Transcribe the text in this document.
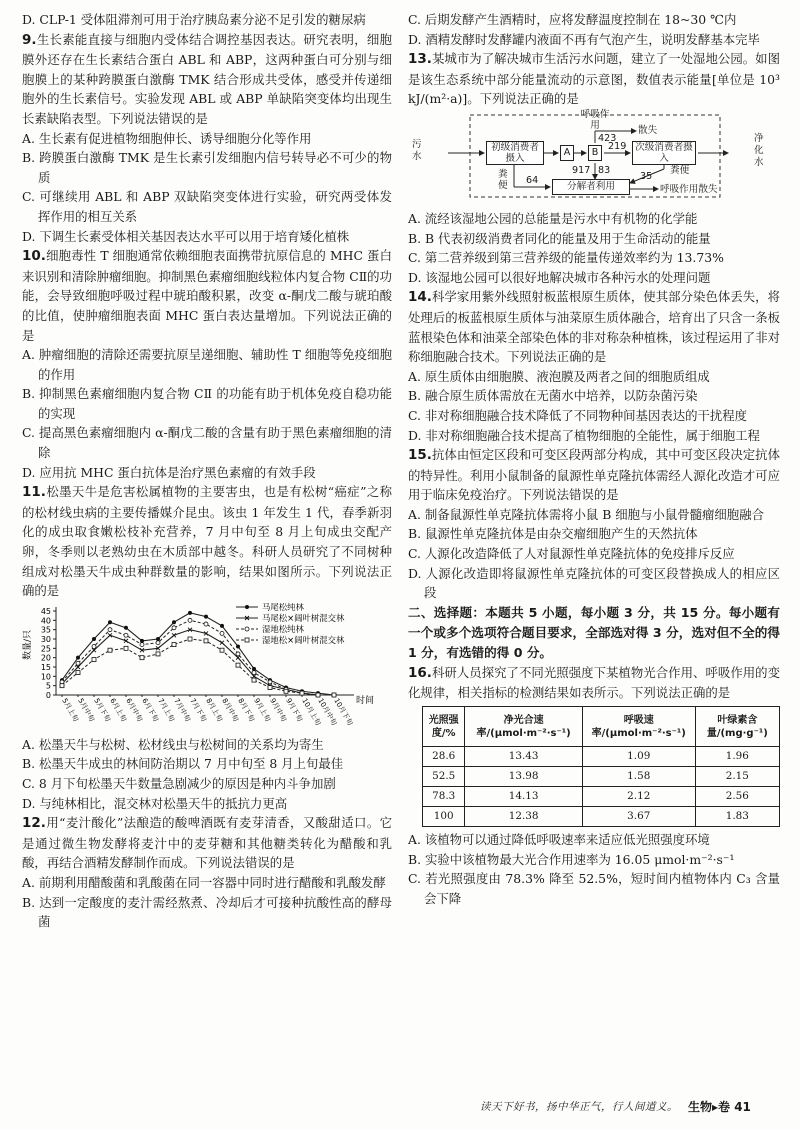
D. CLP-1 受体阻滞剂可用于治疗胰岛素分泌不足引发的糖尿病

9.生长素能直接与细胞内受体结合调控基因表达。研究表明，细胞膜外还存在生长素结合蛋白 ABL 和 ABP，这两种蛋白可分别与细胞膜上的某种跨膜蛋白激酶 TMK 结合形成共受体，感受并传递细胞外的生长素信号。实验发现 ABL 或 ABP 单缺陷突变体均出现生长素缺陷表型。下列说法错误的是

A. 生长素有促进植物细胞伸长、诱导细胞分化等作用

B. 跨膜蛋白激酶 TMK 是生长素引发细胞内信号转导必不可少的物质

C. 可继续用 ABL 和 ABP 双缺陷突变体进行实验，研究两受体发挥作用的相互关系

D. 下调生长素受体相关基因表达水平可以用于培育矮化植株

10.细胞毒性 T 细胞通常依赖细胞表面携带抗原信息的 MHC 蛋白来识别和清除肿瘤细胞。抑制黑色素瘤细胞线粒体内复合物 CⅡ的功能，会导致细胞呼吸过程中琥珀酸积累，改变 α-酮戊二酸与琥珀酸的比值，使肿瘤细胞表面 MHC 蛋白表达量增加。下列说法正确的是

A. 肿瘤细胞的清除还需要抗原呈递细胞、辅助性 T 细胞等免疫细胞的作用

B. 抑制黑色素瘤细胞内复合物 CⅡ 的功能有助于机体免疫自稳功能的实现

C. 提高黑色素瘤细胞内 α-酮戊二酸的含量有助于黑色素瘤细胞的清除

D. 应用抗 MHC 蛋白抗体是治疗黑色素瘤的有效手段

11.松墨天牛是危害松属植物的主要害虫，也是有松树“癌症”之称的松材线虫病的主要传播媒介昆虫。该虫 1 年发生 1 代，春季新羽化的成虫取食嫩松枝补充营养，7 月中旬至 8 月上旬成虫交配产卵，冬季则以老熟幼虫在木质部中越冬。科研人员研究了不同树种组成对松墨天牛成虫种群数量的影响，结果如图所示。下列说法正确的是

0
5
10
15
20
25
30
35
40
45
数量/只
时间
5月上旬
5月中旬
5月下旬
6月上旬
6月中旬
6月下旬
7月上旬
7月中旬
7月下旬
8月上旬
8月中旬
8月下旬
9月上旬
9月中旬
9月下旬
10月上旬
10月中旬
10月下旬
马尾松纯林
马尾松×阔叶树混交林
湿地松纯林
湿地松×阔叶树混交林

A. 松墨天牛与松树、松材线虫与松树间的关系均为寄生

B. 松墨天牛成虫的林间防治期以 7 月中旬至 8 月上旬最佳

C. 8 月下旬松墨天牛数量急剧减少的原因是种内斗争加剧

D. 与纯林相比，混交林对松墨天牛的抵抗力更高

12.用“麦汁酸化”法酿造的酸啤酒既有麦芽清香，又酸甜适口。它是通过微生物发酵将麦汁中的麦芽糖和其他糖类转化为醋酸和乳酸，再结合酒精发酵制作而成。下列说法错误的是

A. 前期利用醋酸菌和乳酸菌在同一容器中同时进行醋酸和乳酸发酵

B. 达到一定酸度的麦汁需经熬煮、冷却后才可接种抗酸性高的酵母菌

C. 后期发酵产生酒精时，应将发酵温度控制在 18~30 ℃内

D. 酒精发酵时发酵罐内液面不再有气泡产生，说明发酵基本完毕

13.某城市为了解决城市生活污水问题，建立了一处湿地公园。如图是该生态系统中部分能量流动的示意图，数值表示能量[单位是 10³ kJ/(m²·a)]。下列说法正确的是

污水
净化水
初级消费者摄入	A B	次级消费者摄入
分解者利用
呼吸作用	散失
423
917 83
219
35
64
粪便
粪便
呼吸作用散失

A. 流经该湿地公园的总能量是污水中有机物的化学能

B. B 代表初级消费者同化的能量及用于生命活动的能量

C. 第二营养级到第三营养级的能量传递效率约为 13.73%

D. 该湿地公园可以很好地解决城市各种污水的处理问题

14.科学家用紫外线照射板蓝根原生质体，使其部分染色体丢失，将处理后的板蓝根原生质体与油菜原生质体融合，培育出了只含一条板蓝根染色体和油菜全部染色体的非对称杂种植株，该过程运用了非对称细胞融合技术。下列说法正确的是

A. 原生质体由细胞膜、液泡膜及两者之间的细胞质组成

B. 融合原生质体需放在无菌水中培养，以防杂菌污染

C. 非对称细胞融合技术降低了不同物种间基因表达的干扰程度

D. 非对称细胞融合技术提高了植物细胞的全能性，属于细胞工程

15.抗体由恒定区段和可变区段两部分构成，其中可变区段决定抗体的特异性。利用小鼠制备的鼠源性单克隆抗体需经人源化改造才可应用于临床免疫治疗。下列说法错误的是

A. 制备鼠源性单克隆抗体需将小鼠 B 细胞与小鼠骨髓瘤细胞融合

B. 鼠源性单克隆抗体是由杂交瘤细胞产生的天然抗体

C. 人源化改造降低了人对鼠源性单克隆抗体的免疫排斥反应

D. 人源化改造即将鼠源性单克隆抗体的可变区段替换成人的相应区段

二、选择题：本题共 5 小题，每小题 3 分，共 15 分。每小题有一个或多个选项符合题目要求，全部选对得 3 分，选对但不全的得 1 分，有选错的得 0 分。

16.科研人员探究了不同光照强度下某植物光合作用、呼吸作用的变化规律，相关指标的检测结果如表所示。下列说法正确的是

光照强度/%	净光合速率/(μmol·m⁻²·s⁻¹)	呼吸速率/(μmol·m⁻²·s⁻¹)	叶绿素含量/(mg·g⁻¹)
28.6	13.43	1.09	1.96
52.5	13.98	1.58	2.15
78.3	14.13	2.12	2.56
100	12.38	3.67	1.83

A. 该植物可以通过降低呼吸速率来适应低光照强度环境

B. 实验中该植物最大光合作用速率为 16.05 μmol·m⁻²·s⁻¹

C. 若光照强度由 78.3% 降至 52.5%，短时间内植物体内 C₃ 含量会下降

读天下好书，扬中华正气，行人间道义。 生物▸卷 41
